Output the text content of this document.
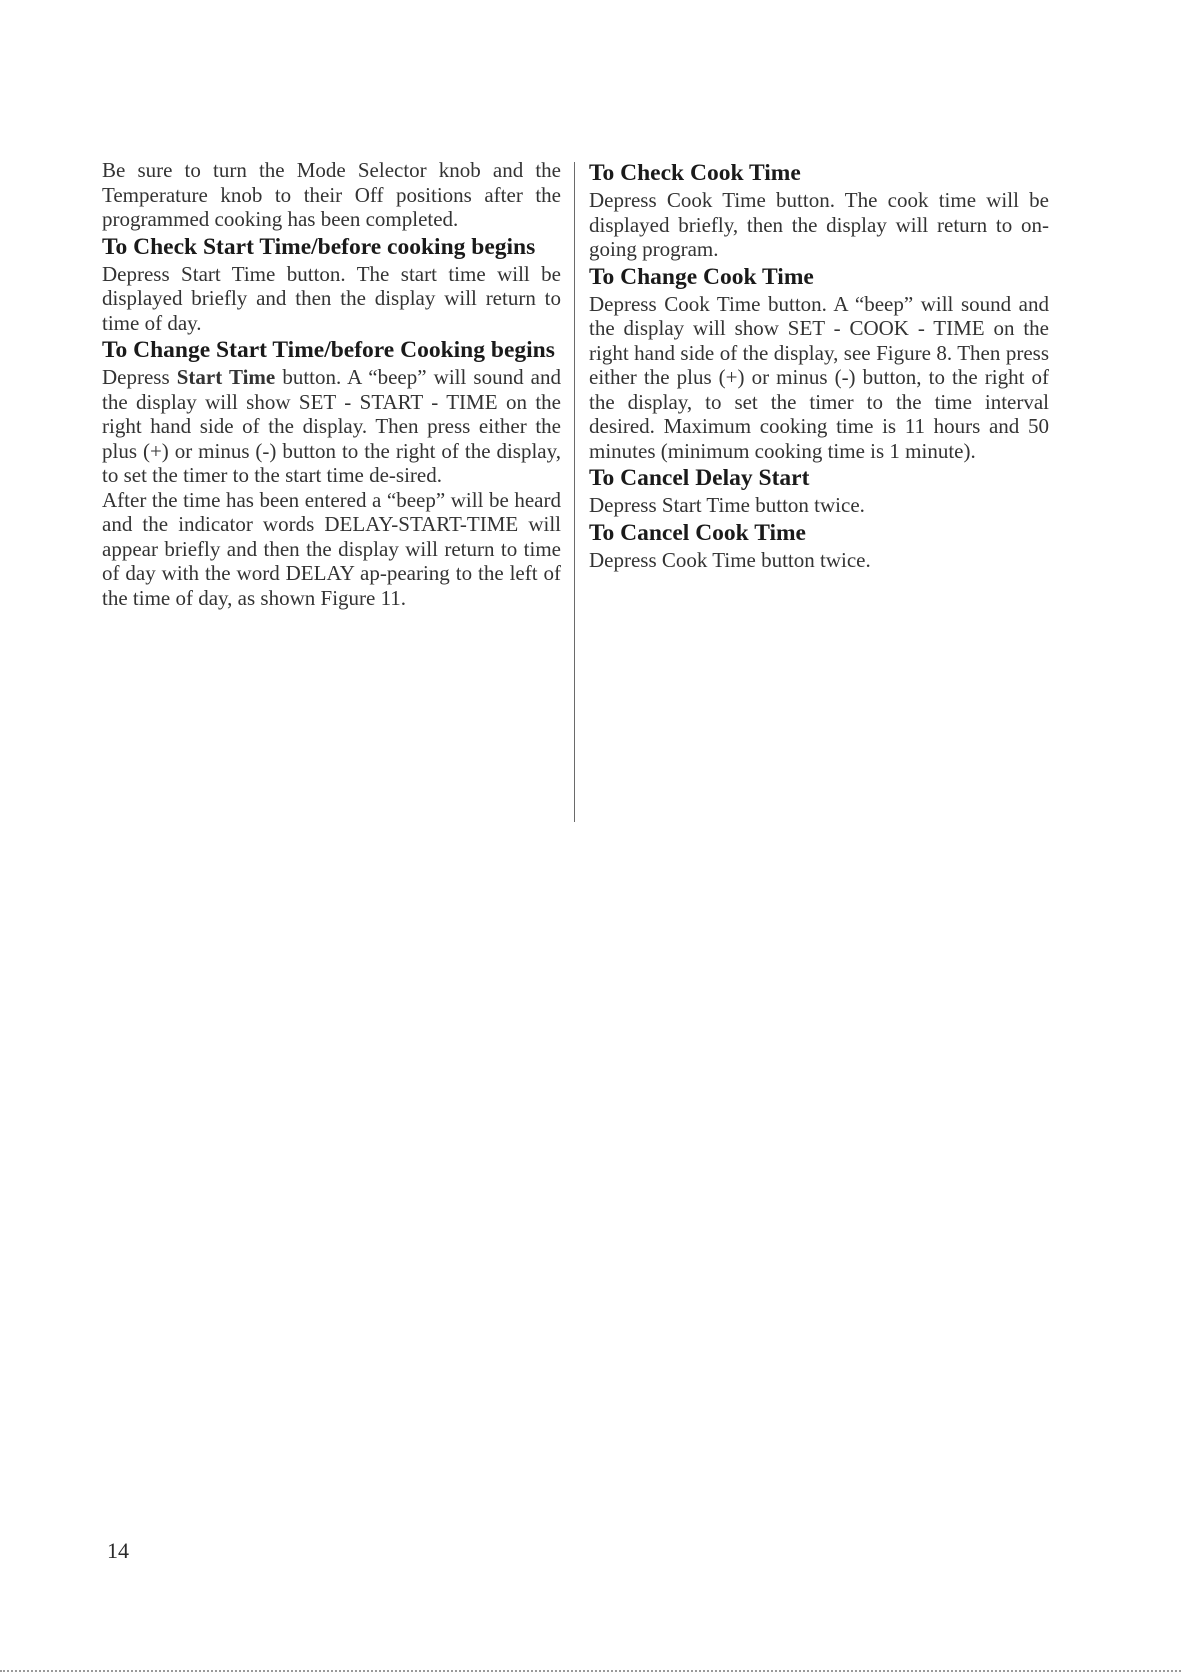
Be sure to turn the Mode Selector knob and the Temperature knob to their Off positions after the programmed cooking has been completed.

To Check Start Time/before cooking begins

Depress Start Time button. The start time will be displayed briefly and then the display will return to time of day.

To Change Start Time/before Cooking begins

Depress Start Time button. A “beep” will sound and the display will show SET - START - TIME on the right hand side of the display. Then press either the plus (+) or minus (-) button to the right of the display, to set the timer to the start time de-sired.

After the time has been entered a “beep” will be heard and the indicator words DELAY-START-TIME will appear briefly and then the display will return to time of day with the word DELAY ap-pearing to the left of the time of day, as shown Figure 11.

To Check Cook Time

Depress Cook Time button. The cook time will be displayed briefly, then the display will return to on-going program.

To Change Cook Time

Depress Cook Time button. A “beep” will sound and the display will show SET - COOK - TIME on the right hand side of the display, see Figure 8. Then press either the plus (+) or minus (-) button, to the right of the display, to set the timer to the time interval desired. Maximum cooking time is 11 hours and 50 minutes (minimum cooking time is 1 minute).

To Cancel Delay Start

Depress Start Time button twice.

To Cancel Cook Time

Depress Cook Time button twice.

14
